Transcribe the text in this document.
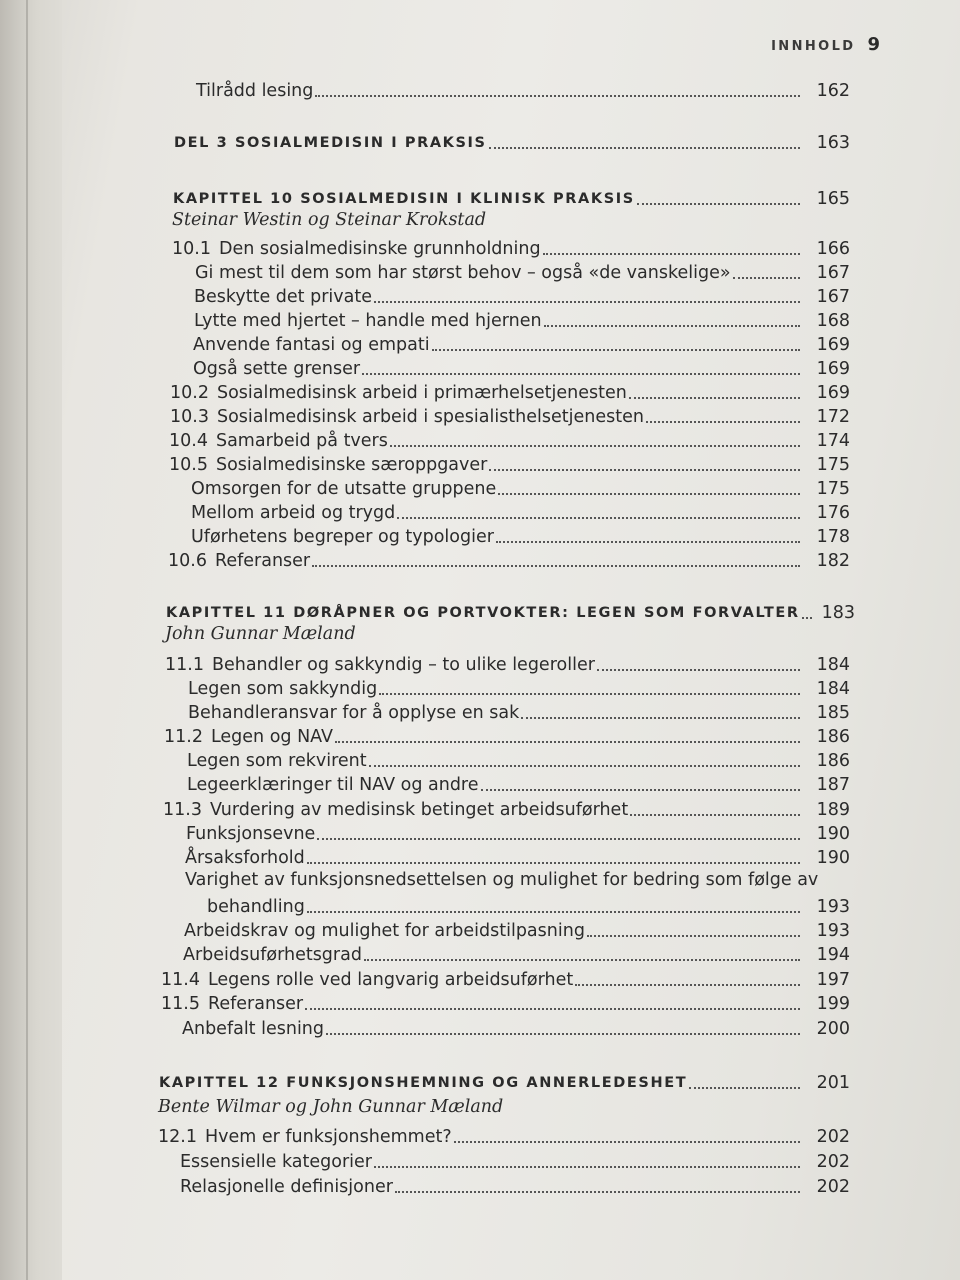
INNHOLD 9
Tilrådd lesing	162
DEL 3 SOSIALMEDISIN I PRAKSIS	163
KAPITTEL 10 SOSIALMEDISIN I KLINISK PRAKSIS	165
Steinar Westin og Steinar Krokstad
10.1 Den sosialmedisinske grunnholdning	166
Gi mest til dem som har størst behov – også «de vanskelige»	167
Beskytte det private	167
Lytte med hjertet – handle med hjernen	168
Anvende fantasi og empati	169
Også sette grenser	169
10.2 Sosialmedisinsk arbeid i primærhelsetjenesten	169
10.3 Sosialmedisinsk arbeid i spesialisthelsetjenesten	172
10.4 Samarbeid på tvers	174
10.5 Sosialmedisinske særoppgaver	175
Omsorgen for de utsatte gruppene	175
Mellom arbeid og trygd	176
Uførhetens begreper og typologier	178
10.6 Referanser	182
KAPITTEL 11 DØRÅPNER OG PORTVOKTER: LEGEN SOM FORVALTER 183
John Gunnar Mæland
11.1 Behandler og sakkyndig – to ulike legeroller	184
Legen som sakkyndig	184
Behandleransvar for å opplyse en sak	185
11.2 Legen og NAV	186
Legen som rekvirent	186
Legeerklæringer til NAV og andre	187
11.3 Vurdering av medisinsk betinget arbeidsuførhet	189
Funksjonsevne	190
Årsaksforhold	190
Varighet av funksjonsnedsettelsen og mulighet for bedring som følge av
behandling	193
Arbeidskrav og mulighet for arbeidstilpasning	193
Arbeidsuførhetsgrad	194
11.4 Legens rolle ved langvarig arbeidsuførhet	197
11.5 Referanser	199
Anbefalt lesning	200
KAPITTEL 12 FUNKSJONSHEMNING OG ANNERLEDESHET	201
Bente Wilmar og John Gunnar Mæland
12.1 Hvem er funksjonshemmet?	202
Essensielle kategorier	202
Relasjonelle definisjoner	202
